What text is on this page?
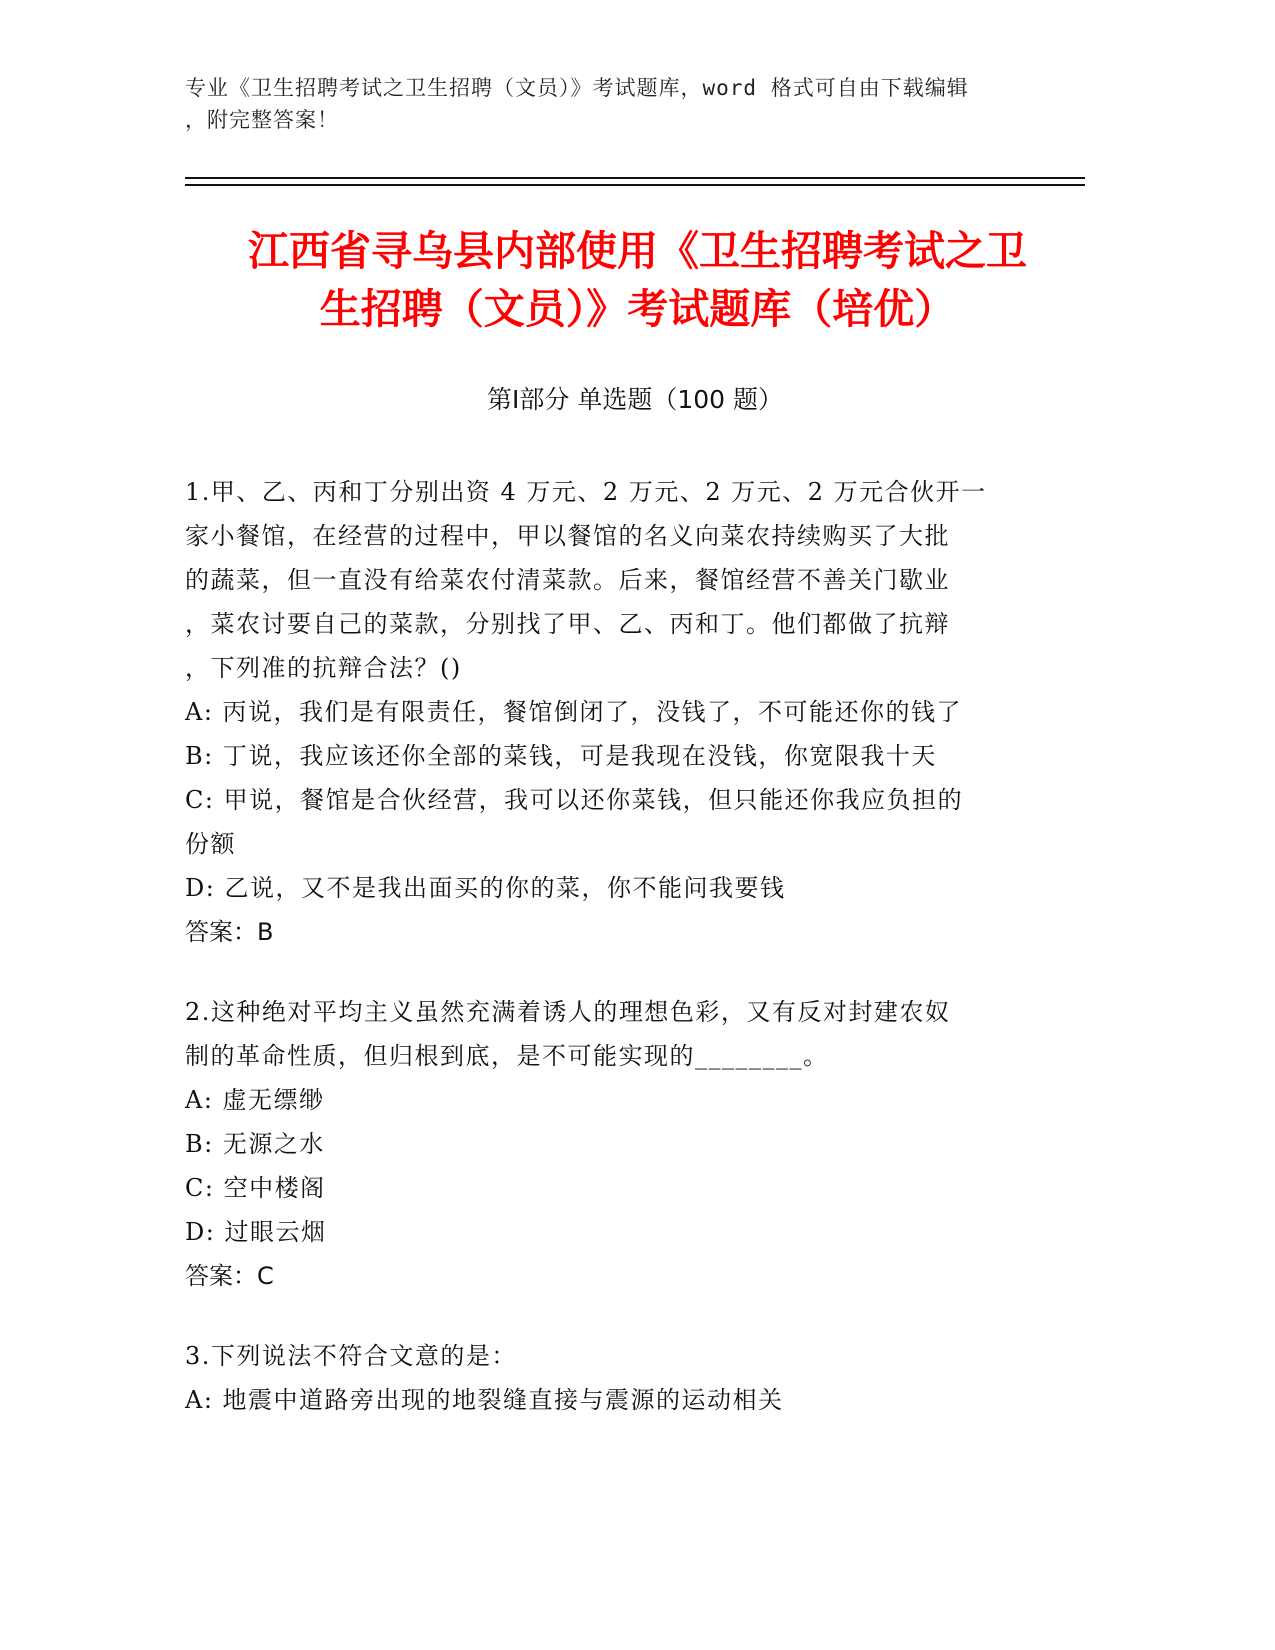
专业《卫生招聘考试之卫生招聘（文员）》考试题库，word 格式可自由下载编辑
，附完整答案！
江西省寻乌县内部使用《卫生招聘考试之卫
生招聘（文员）》考试题库（培优）
第Ⅰ部分 单选题（100 题）

1.甲、乙、丙和丁分别出资 4 万元、2 万元、2 万元、2 万元合伙开一

家小餐馆，在经营的过程中，甲以餐馆的名义向菜农持续购买了大批

的蔬菜，但一直没有给菜农付清菜款。后来，餐馆经营不善关门歇业

，菜农讨要自己的菜款，分别找了甲、乙、丙和丁。他们都做了抗辩

，下列准的抗辩合法？()

A: 丙说，我们是有限责任，餐馆倒闭了，没钱了，不可能还你的钱了

B: 丁说，我应该还你全部的菜钱，可是我现在没钱，你宽限我十天

C: 甲说，餐馆是合伙经营，我可以还你菜钱，但只能还你我应负担的

份额

D: 乙说，又不是我出面买的你的菜，你不能问我要钱

答案：B

2.这种绝对平均主义虽然充满着诱人的理想色彩，又有反对封建农奴

制的革命性质，但归根到底，是不可能实现的________。

A: 虚无缥缈

B: 无源之水

C: 空中楼阁

D: 过眼云烟

答案：C

3.下列说法不符合文意的是：

A: 地震中道路旁出现的地裂缝直接与震源的运动相关
